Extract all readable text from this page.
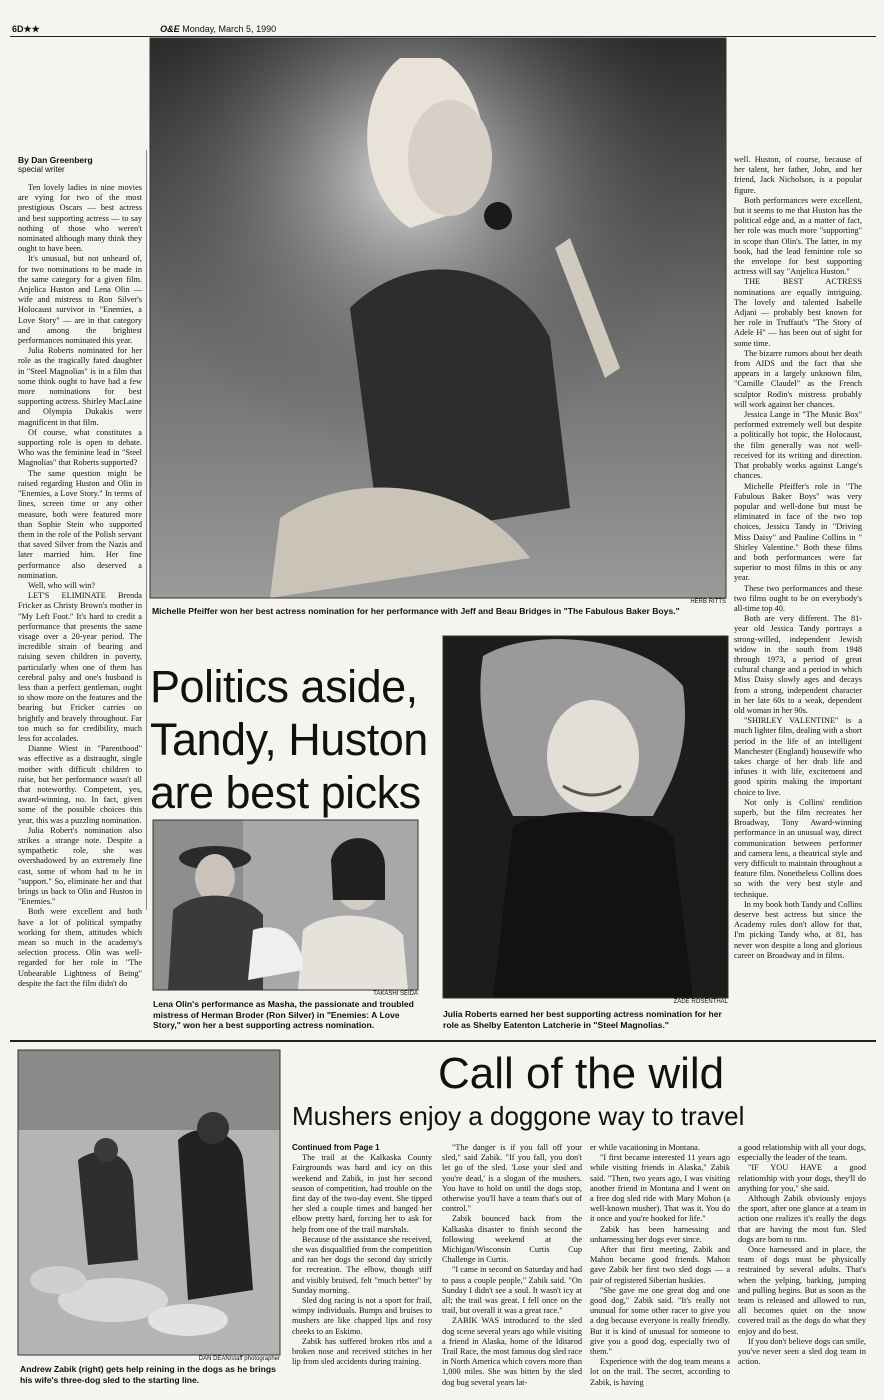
6D★★	O&E Monday, March 5, 1990
By Dan Greenberg
special writer

Ten lovely ladies in nine movies are vying for two of the most prestigious Oscars — best actress and best supporting actress — to say nothing of those who weren't nominated although many think they ought to have been.

It's unusual, but not unheard of, for two nominations to be made in the same category for a given film. Anjelica Huston and Lena Olin — wife and mistress to Ron Silver's Holocaust survivor in "Enemies, a Love Story" — are in that category and among the brightest performances nominated this year.

Julia Roberts nominated for her role as the tragically fated daughter in "Steel Magnolias" is in a film that some think ought to have had a few more nominations for best supporting actress. Shirley MacLaine and Olympia Dukakis were magnificent in that film.

Of course, what constitutes a supporting role is open to debate. Who was the feminine lead in "Steel Magnolias" that Roberts supported?

The same question might be raised regarding Huston and Olin in "Enemies, a Love Story." In terms of lines, screen time or any other measure, both were featured more than Sophie Stein who supported them in the role of the Polish servant that saved Silver from the Nazis and later married him. Her fine performance also deserved a nomination.

Well, who will win?

LET'S ELIMINATE Brenda Fricker as Christy Brown's mother in "My Left Foot." It's hard to credit a performance that presents the same visage over a 20-year period. The incredible strain of bearing and raising seven children in poverty, particularly when one of them has cerebral palsy and one's husband is less than a perfect gentleman, ought to show more on the features and the bearing but Fricker carries on brightly and bravely throughout. Far too much so for credibility, much less for accolades.

Dianne Wiest in "Parenthood" was effective as a distraught, single mother with difficult children to raise, but her performance wasn't all that noteworthy. Competent, yes, award-winning, no. In fact, given some of the possible choices this year, this was a puzzling nomination.

Julia Robert's nomination also strikes a strange note. Despite a sympathetic role, she was overshadowed by an extremely fine cast, some of whom had to be in "support." So, eliminate her and that brings us back to Olin and Huston in "Enemies."

Both were excellent and both have a lot of political sympathy working for them, attitudes which mean so much in the academy's selection process. Olin was well-regarded for her role in "The Unbearable Lightness of Being" despite the fact the film didn't do

HERB RITTS
Michelle Pfeiffer won her best actress nomination for her performance with Jeff and Beau Bridges in "The Fabulous Baker Boys."

well. Huston, of course, because of her talent, her father, John, and her friend, Jack Nicholson, is a popular figure.

Both performances were excellent, but it seems to me that Huston has the political edge and, as a matter of fact, her role was much more "supporting" in scope than Olin's. The latter, in my book, had the lead feminine role so the envelope for best supporting actress will say "Anjelica Huston."

THE BEST ACTRESS nominations are equally intriguing. The lovely and talented Isabelle Adjani — probably best known for her role in Truffaut's "The Story of Adele H" — has been out of sight for some time.

The bizarre rumors about her death from AIDS and the fact that she appears in a largely unknown film, "Camille Claudel" as the French sculptor Rodin's mistress probably will work against her chances.

Jessica Lange in "The Music Box" performed extremely well but despite a politically hot topic, the Holocaust, the film generally was not well-received for its writing and direction. That probably works against Lange's chances.

Michelle Pfeiffer's role in "The Fabulous Baker Boys" was very popular and well-done but must be eliminated in face of the two top choices, Jessica Tandy in "Driving Miss Daisy" and Pauline Collins in " Shirley Valentine." Both these films and both performances were far superior to most films in this or any year.

These two performances and these two films ought to be on everybody's all-time top 40.

Both are very different. The 81-year old Jessica Tandy portrays a strong-willed, independent Jewish widow in the south from 1948 through 1973, a period of great cultural change and a period in which Miss Daisy slowly ages and decays from a strong, independent character in her late 60s to a weak, dependent old woman in her 90s.

"SHIRLEY VALENTINE" is a much lighter film, dealing with a short period in the life of an intelligent Manchester (England) housewife who takes charge of her drab life and infuses it with life, excitement and good spirits making the important choice to live.

Not only is Collins' rendition superb, but the film recreates her Broadway, Tony Award-winning performance in an unusual way, direct communication between performer and camera lens, a theatrical style and very difficult to maintain throughout a feature film. Nonetheless Collins does so with the very best style and technique.

In my book both Tandy and Collins deserve best actress but since the Academy rules don't allow for that, I'm picking Tandy who, at 81, has never won despite a long and glorious career on Broadway and in films.

Politics aside,
Tandy, Huston
are best picks
TAKASHI SEIDA
Lena Olin's performance as Masha, the passionate and troubled mistress of Herman Broder (Ron Silver) in "Enemies: A Love Story," won her a best supporting actress nomination.
ZADE ROSENTHAL
Julia Roberts earned her best supporting actress nomination for her role as Shelby Eatenton Latcherie in "Steel Magnolias."
DAN DEAN/staff photographer
Andrew Zabik (right) gets help reining in the dogs as he brings his wife's three-dog sled to the starting line.
Call of the wild
Mushers enjoy a doggone way to travel
Continued from Page 1

The trail at the Kalkaska County Fairgrounds was hard and icy on this weekend and Zabik, in just her second season of competition, had trouble on the first day of the two-day event. She tipped her sled a couple times and banged her elbow pretty hard, forcing her to ask for help from one of the trail marshals.

Because of the assistance she received, she was disqualified from the competition and ran her dogs the second day strictly for recreation. The elbow, though stiff and visibly bruised, felt "much better" by Sunday morning.

Sled dog racing is not a sport for frail, wimpy individuals. Bumps and bruises to mushers are like chapped lips and rosy cheeks to an Eskimo.

Zabik has suffered broken ribs and a broken nose and received stitches in her lip from sled accidents during training.

"The danger is if you fall off your sled," said Zabik. "If you fall, you don't let go of the sled. 'Lose your sled and you're dead,' is a slogan of the mushers. You have to hold on until the dogs stop, otherwise you'll have a team that's out of control."

Zabik bounced back from the Kalkaska disaster to finish second the following weekend at the Michigan/Wisconsin Curtis Cup Challenge in Curtis.

"I came in second on Saturday and had to pass a couple people," Zabik said. "On Sunday I didn't see a soul. It wasn't icy at all; the trail was great. I fell once on the trail, but overall it was a great race."

ZABIK WAS introduced to the sled dog scene several years ago while visiting a friend in Alaska, home of the Iditarod Trail Race, the most famous dog sled race in North America which covers more than 1,000 miles. She was bitten by the sled dog bug several years lat-

er while vacationing in Montana.

"I first became interested 11 years ago while visiting friends in Alaska," Zabik said. "Then, two years ago, I was visiting another friend in Montana and I went on a free dog sled ride with Mary Mohon (a well-known musher). That was it. You do it once and you're hooked for life."

Zabik has been harnessing and unharnessing her dogs ever since.

After that first meeting, Zabik and Mahon became good friends. Mahon gave Zabik her first two sled dogs — a pair of registered Siberian huskies.

"She gave me one great dog and one good dog," Zabik said. "It's really not unusual for some other racer to give you a dog because everyone is really friendly. But it is kind of unusual for someone to give you a good dog, especially two of them."

Experience with the dog team means a lot on the trail. The secret, according to Zabik, is having

a good relationship with all your dogs, especially the leader of the team.

"IF YOU HAVE a good relationship with your dogs, they'll do anything for you," she said.

Although Zabik obviously enjoys the sport, after one glance at a team in action one realizes it's really the dogs that are having the most fun. Sled dogs are born to run.

Once harnessed and in place, the team of dogs must be physically restrained by several adults. That's when the yelping, barking, jumping and pulling begins. But as soon as the team is released and allowed to run, all becomes quiet on the snow covered trail as the dogs do what they enjoy and do best.

If you don't believe dogs can smile, you've never seen a sled dog team in action.
